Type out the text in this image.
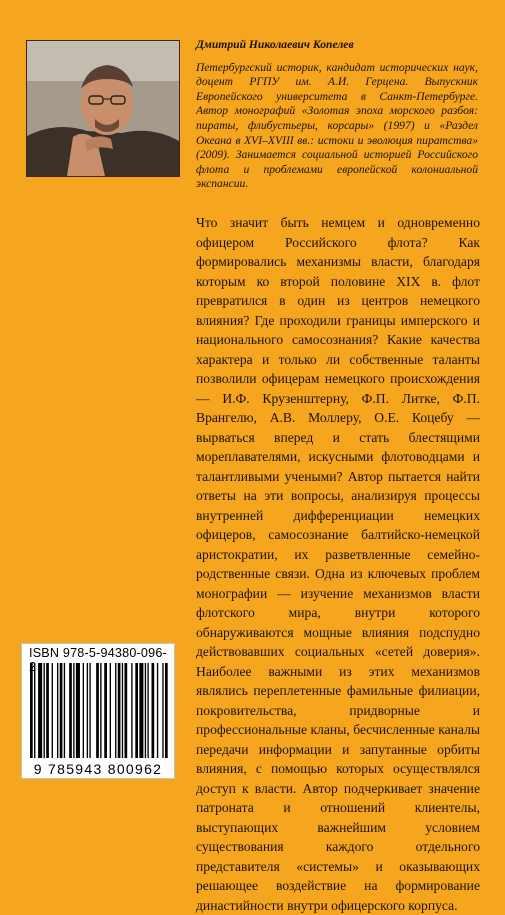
Дмитрий Николаевич Копелев

Петербургский историк, кандидат исторических наук, доцент РГПУ им. А.И. Герцена. Выпускник Европейского университета в Санкт-Петербурге. Автор монографий «Золотая эпоха морского разбоя: пираты, флибустьеры, корсары» (1997) и «Раздел Океана в XVI–XVIII вв.: истоки и эволюция пиратства» (2009). Занимается социальной историей Российского флота и проблемами европейской колониальной экспансии.

Что значит быть немцем и одновременно офицером Российского флота? Как формировались механизмы власти, благодаря которым ко второй половине XIX в. флот превратился в один из центров немецкого влияния? Где проходили границы имперского и национального самосознания? Какие качества характера и только ли собственные таланты позволили офицерам немецкого происхождения — И.Ф. Крузенштерну, Ф.П. Литке, Ф.П. Врангелю, А.В. Моллеру, О.Е. Коцебу — вырваться вперед и стать блестящими мореплавателями, искусными флотоводцами и талантливыми учеными? Автор пытается найти ответы на эти вопросы, анализируя процессы внутренней дифференциации немецких офицеров, самосознание балтийско-немецкой аристократии, их разветвленные семейно-родственные связи. Одна из ключевых проблем монографии — изучение механизмов власти флотского мира, внутри которого обнаруживаются мощные влияния подспудно действовавших социальных «сетей доверия». Наиболее важными из этих механизмов являлись переплетенные фамильные филиации, покровительства, придворные и профессиональные кланы, бесчисленные каналы передачи информации и запутанные орбиты влияния, с помощью которых осуществлялся доступ к власти. Автор подчеркивает значение патроната и отношений клиентелы, выступающих важнейшим условием существования каждого отдельного представителя «системы» и оказывающих решающее воздействие на формирование династийности внутри офицерского корпуса.

ISBN 978-5-94380-096-
9 785943 800962
